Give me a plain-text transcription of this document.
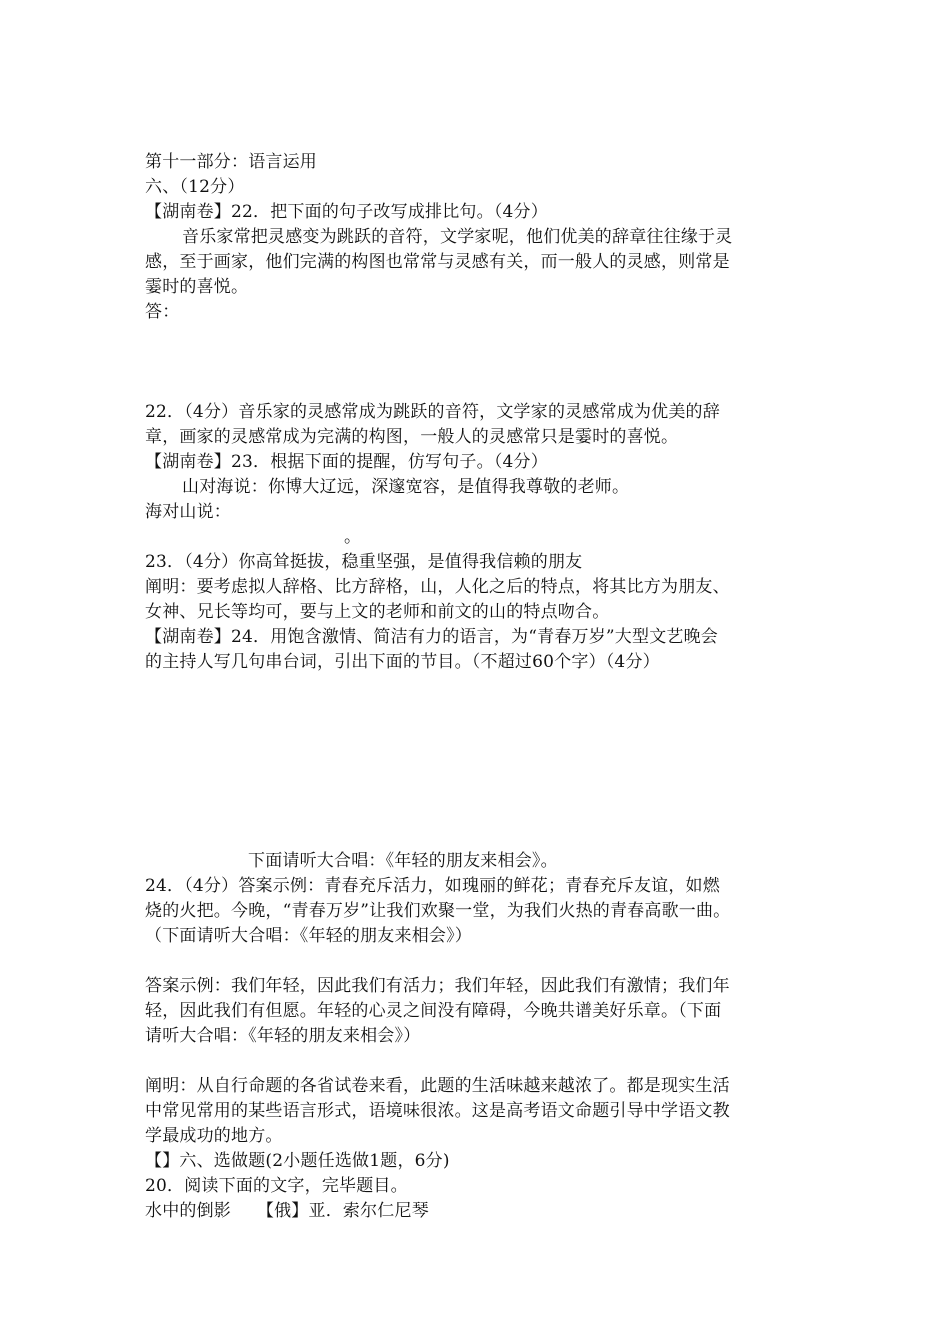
第十一部分：语言运用
六、（12分）
【湖南卷】22．把下面的句子改写成排比句。（4分）
音乐家常把灵感变为跳跃的音符，文学家呢，他们优美的辞章往往缘于灵
感，至于画家，他们完满的构图也常常与灵感有关，而一般人的灵感，则常是
霎时的喜悦。
答：
22．（4分）音乐家的灵感常成为跳跃的音符，文学家的灵感常成为优美的辞
章，画家的灵感常成为完满的构图，一般人的灵感常只是霎时的喜悦。
【湖南卷】23．根据下面的提醒，仿写句子。（4分）
山对海说：你博大辽远，深邃宽容，是值得我尊敬的老师。
海对山说：
。
23．（4分）你高耸挺拔，稳重坚强，是值得我信赖的朋友
阐明：要考虑拟人辞格、比方辞格，山，人化之后的特点，将其比方为朋友、
女神、兄长等均可，要与上文的老师和前文的山的特点吻合。
【湖南卷】24．用饱含激情、简洁有力的语言，为“青春万岁”大型文艺晚会
的主持人写几句串台词，引出下面的节目。（不超过60个字）（4分）
下面请听大合唱：《年轻的朋友来相会》。
24．（4分）答案示例：青春充斥活力，如瑰丽的鲜花；青春充斥友谊，如燃
烧的火把。今晚，“青春万岁”让我们欢聚一堂，为我们火热的青春高歌一曲。
（下面请听大合唱：《年轻的朋友来相会》）
答案示例：我们年轻，因此我们有活力；我们年轻，因此我们有激情；我们年
轻，因此我们有但愿。年轻的心灵之间没有障碍，今晚共谱美好乐章。（下面
请听大合唱：《年轻的朋友来相会》）
阐明：从自行命题的各省试卷来看，此题的生活味越来越浓了。都是现实生活
中常见常用的某些语言形式，语境味很浓。这是高考语文命题引导中学语文教
学最成功的地方。
【】六、选做题(2小题任选做1题，6分)
20．阅读下面的文字，完毕题目。
水中的倒影　　【俄】亚．索尔仁尼琴
